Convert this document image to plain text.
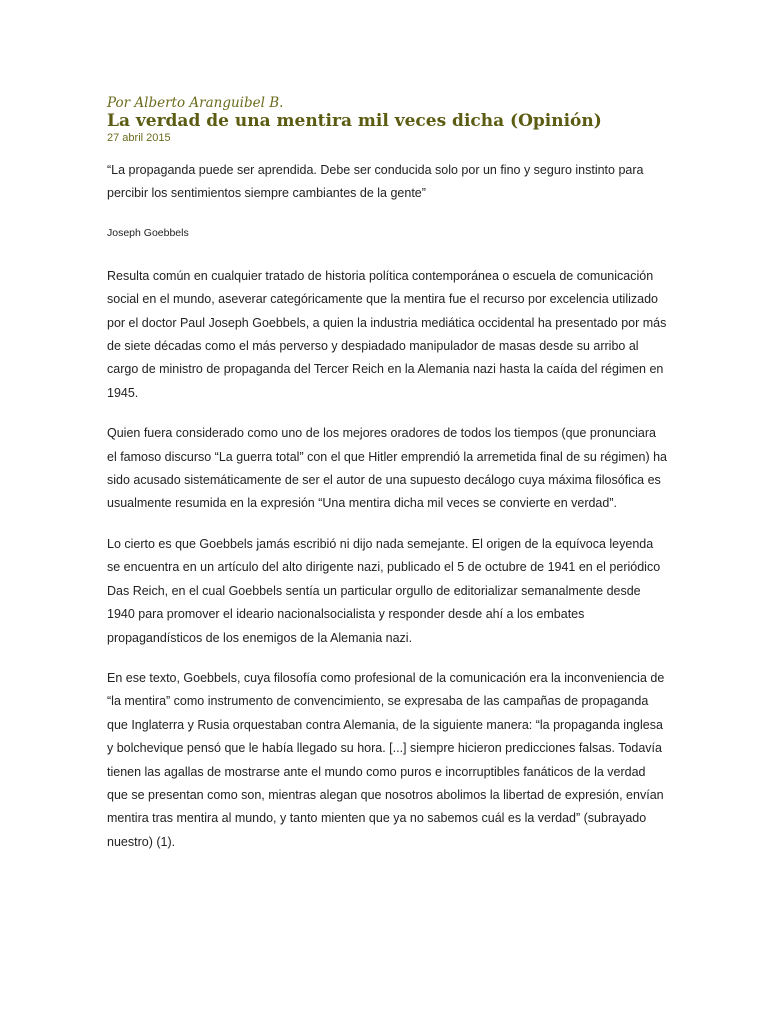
Por Alberto Aranguibel B.

La verdad de una mentira mil veces dicha (Opinión)

27 abril 2015

“La propaganda puede ser aprendida. Debe ser conducida solo por un fino y seguro instinto para percibir los sentimientos siempre cambiantes de la gente”

Joseph Goebbels

Resulta común en cualquier tratado de historia política contemporánea o escuela de comunicación social en el mundo, aseverar categóricamente que la mentira fue el recurso por excelencia utilizado por el doctor Paul Joseph Goebbels, a quien la industria mediática occidental ha presentado por más de siete décadas como el más perverso y despiadado manipulador de masas desde su arribo al cargo de ministro de propaganda del Tercer Reich en la Alemania nazi hasta la caída del régimen en 1945.

Quien fuera considerado como uno de los mejores oradores de todos los tiempos (que pronunciara el famoso discurso “La guerra total” con el que Hitler emprendió la arremetida final de su régimen) ha sido acusado sistemáticamente de ser el autor de una supuesto decálogo cuya máxima filosófica es usualmente resumida en la expresión “Una mentira dicha mil veces se convierte en verdad”.

Lo cierto es que Goebbels jamás escribió ni dijo nada semejante. El origen de la equívoca leyenda se encuentra en un artículo del alto dirigente nazi, publicado el 5 de octubre de 1941 en el periódico Das Reich, en el cual Goebbels sentía un particular orgullo de editorializar semanalmente desde 1940 para promover el ideario nacionalsocialista y responder desde ahí a los embates propagandísticos de los enemigos de la Alemania nazi.

En ese texto, Goebbels, cuya filosofía como profesional de la comunicación era la inconveniencia de “la mentira” como instrumento de convencimiento, se expresaba de las campañas de propaganda que Inglaterra y Rusia orquestaban contra Alemania, de la siguiente manera: “la propaganda inglesa y bolchevique pensó que le había llegado su hora. [...] siempre hicieron predicciones falsas. Todavía tienen las agallas de mostrarse ante el mundo como puros e incorruptibles fanáticos de la verdad que se presentan como son, mientras alegan que nosotros abolimos la libertad de expresión, envían mentira tras mentira al mundo, y tanto mienten que ya no sabemos cuál es la verdad” (subrayado nuestro) (1).
